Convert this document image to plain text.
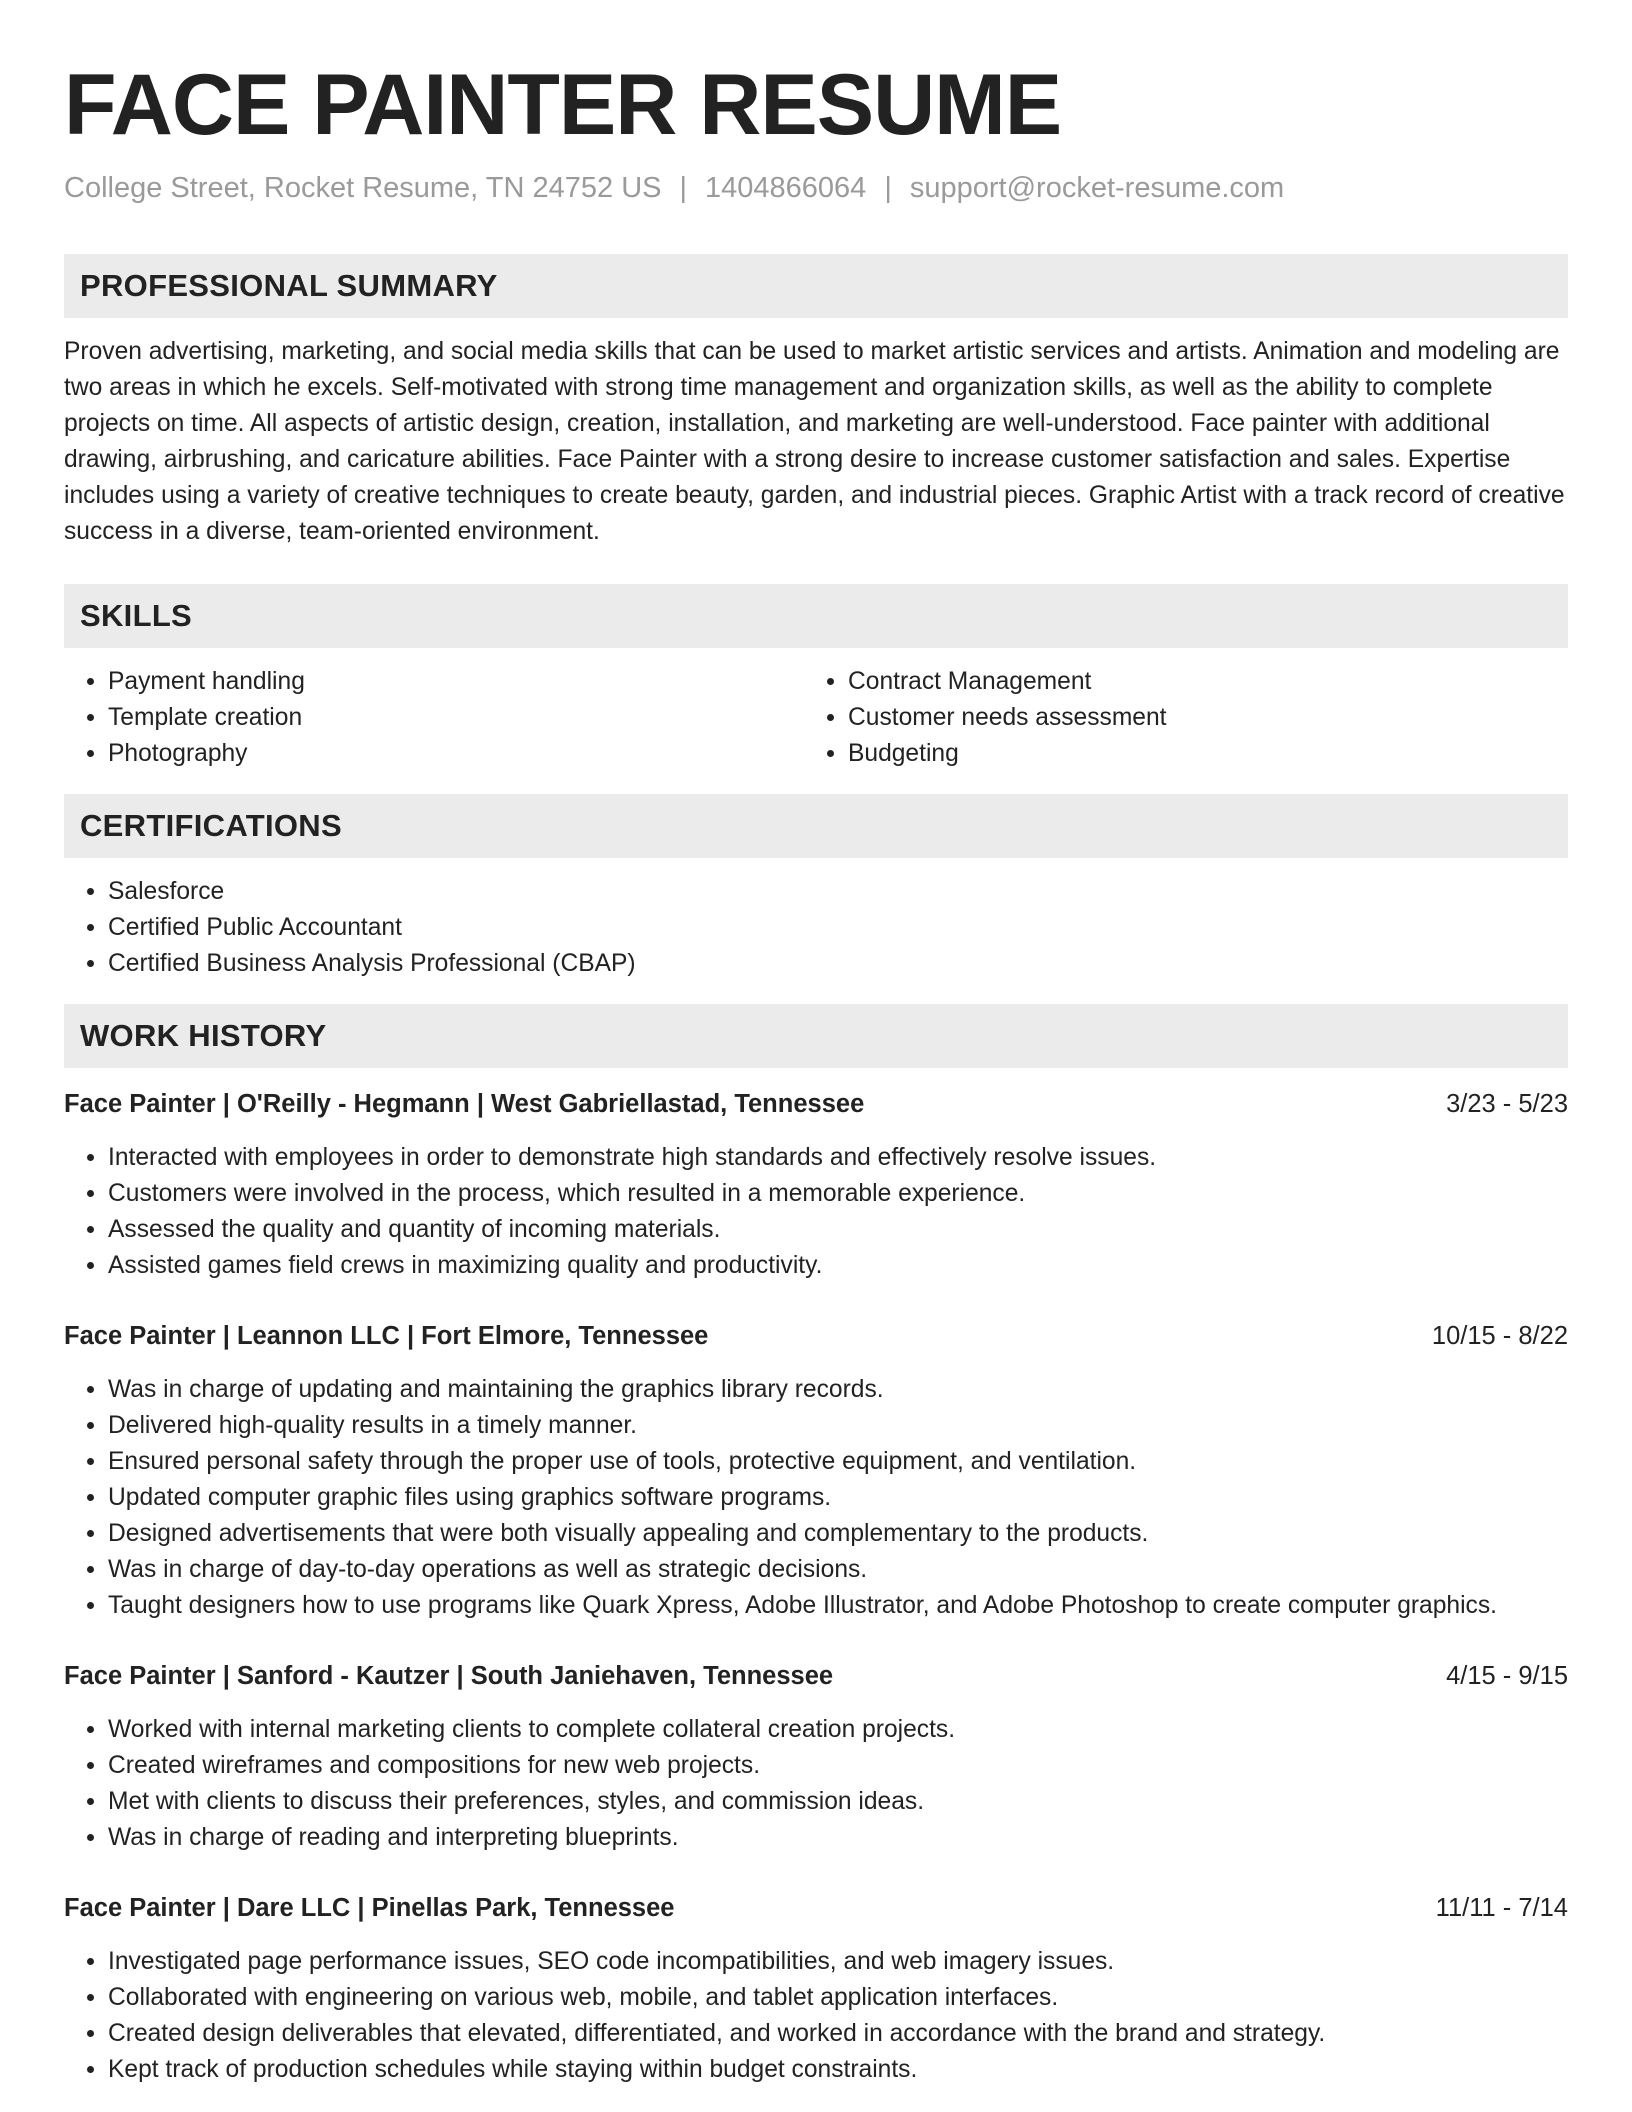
FACE PAINTER RESUME
College Street, Rocket Resume, TN 24752 US | 1404866064 | support@rocket-resume.com
PROFESSIONAL SUMMARY
Proven advertising, marketing, and social media skills that can be used to market artistic services and artists. Animation and modeling are two areas in which he excels. Self-motivated with strong time management and organization skills, as well as the ability to complete projects on time. All aspects of artistic design, creation, installation, and marketing are well-understood. Face painter with additional drawing, airbrushing, and caricature abilities. Face Painter with a strong desire to increase customer satisfaction and sales. Expertise includes using a variety of creative techniques to create beauty, garden, and industrial pieces. Graphic Artist with a track record of creative success in a diverse, team-oriented environment.
SKILLS
• Payment handling
• Template creation
• Photography
• Contract Management
• Customer needs assessment
• Budgeting
CERTIFICATIONS
• Salesforce
• Certified Public Accountant
• Certified Business Analysis Professional (CBAP)
WORK HISTORY
Face Painter | O'Reilly - Hegmann | West Gabriellastad, Tennessee	3/23 - 5/23
• Interacted with employees in order to demonstrate high standards and effectively resolve issues.
• Customers were involved in the process, which resulted in a memorable experience.
• Assessed the quality and quantity of incoming materials.
• Assisted games field crews in maximizing quality and productivity.
Face Painter | Leannon LLC | Fort Elmore, Tennessee	10/15 - 8/22
• Was in charge of updating and maintaining the graphics library records.
• Delivered high-quality results in a timely manner.
• Ensured personal safety through the proper use of tools, protective equipment, and ventilation.
• Updated computer graphic files using graphics software programs.
• Designed advertisements that were both visually appealing and complementary to the products.
• Was in charge of day-to-day operations as well as strategic decisions.
• Taught designers how to use programs like Quark Xpress, Adobe Illustrator, and Adobe Photoshop to create computer graphics.
Face Painter | Sanford - Kautzer | South Janiehaven, Tennessee	4/15 - 9/15
• Worked with internal marketing clients to complete collateral creation projects.
• Created wireframes and compositions for new web projects.
• Met with clients to discuss their preferences, styles, and commission ideas.
• Was in charge of reading and interpreting blueprints.
Face Painter | Dare LLC | Pinellas Park, Tennessee	11/11 - 7/14
• Investigated page performance issues, SEO code incompatibilities, and web imagery issues.
• Collaborated with engineering on various web, mobile, and tablet application interfaces.
• Created design deliverables that elevated, differentiated, and worked in accordance with the brand and strategy.
• Kept track of production schedules while staying within budget constraints.
